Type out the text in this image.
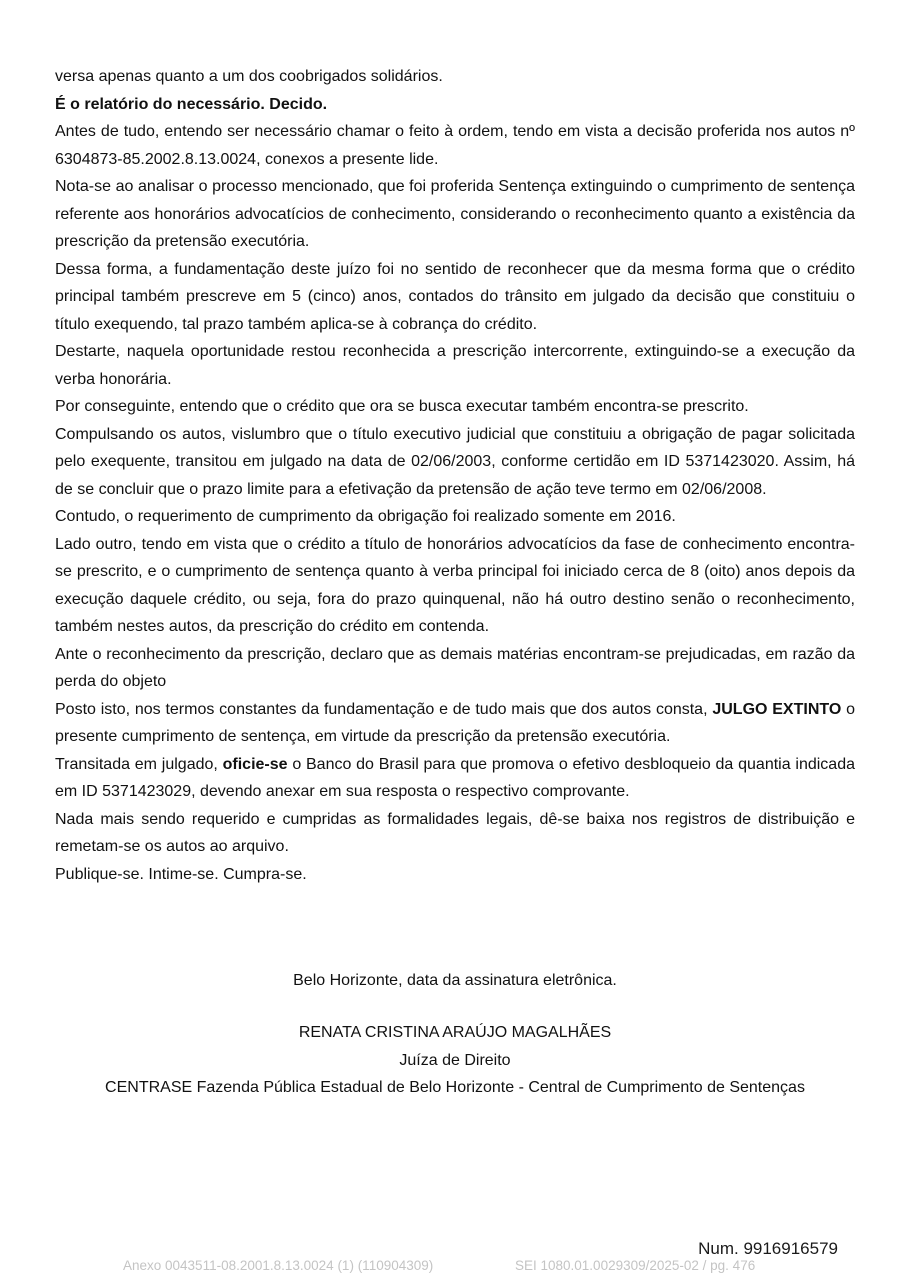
versa apenas quanto a um dos coobrigados solidários.

É o relatório do necessário. Decido.

Antes de tudo, entendo ser necessário chamar o feito à ordem, tendo em vista a decisão proferida nos autos nº 6304873-85.2002.8.13.0024, conexos a presente lide.

Nota-se ao analisar o processo mencionado, que foi proferida Sentença extinguindo o cumprimento de sentença referente aos honorários advocatícios de conhecimento, considerando o reconhecimento quanto a existência da prescrição da pretensão executória.

Dessa forma, a fundamentação deste juízo foi no sentido de reconhecer que da mesma forma que o crédito principal também prescreve em 5 (cinco) anos, contados do trânsito em julgado da decisão que constituiu o título exequendo, tal prazo também aplica-se à cobrança do crédito.

Destarte, naquela oportunidade restou reconhecida a prescrição intercorrente, extinguindo-se a execução da verba honorária.

Por conseguinte, entendo que o crédito que ora se busca executar também encontra-se prescrito.

Compulsando os autos, vislumbro que o título executivo judicial que constituiu a obrigação de pagar solicitada pelo exequente, transitou em julgado na data de 02/06/2003, conforme certidão em ID 5371423020. Assim, há de se concluir que o prazo limite para a efetivação da pretensão de ação teve termo em 02/06/2008.

Contudo, o requerimento de cumprimento da obrigação foi realizado somente em 2016.

Lado outro, tendo em vista que o crédito a título de honorários advocatícios da fase de conhecimento encontra-se prescrito, e o cumprimento de sentença quanto à verba principal foi iniciado cerca de 8 (oito) anos depois da execução daquele crédito, ou seja, fora do prazo quinquenal, não há outro destino senão o reconhecimento, também nestes autos, da prescrição do crédito em contenda.

Ante o reconhecimento da prescrição, declaro que as demais matérias encontram-se prejudicadas, em razão da perda do objeto

Posto isto, nos termos constantes da fundamentação e de tudo mais que dos autos consta, JULGO EXTINTO o presente cumprimento de sentença, em virtude da prescrição da pretensão executória.

Transitada em julgado, oficie-se o Banco do Brasil para que promova o efetivo desbloqueio da quantia indicada em ID 5371423029, devendo anexar em sua resposta o respectivo comprovante.

Nada mais sendo requerido e cumpridas as formalidades legais, dê-se baixa nos registros de distribuição e remetam-se os autos ao arquivo.

Publique-se. Intime-se. Cumpra-se.

Belo Horizonte, data da assinatura eletrônica.
RENATA CRISTINA ARAÚJO MAGALHÃES
Juíza de Direito
CENTRASE Fazenda Pública Estadual de Belo Horizonte - Central de Cumprimento de Sentenças
Num. 9916916579
Anexo 0043511-08.2001.8.13.0024 (1) (110904309)	SEI 1080.01.0029309/2025-02 / pg. 476
